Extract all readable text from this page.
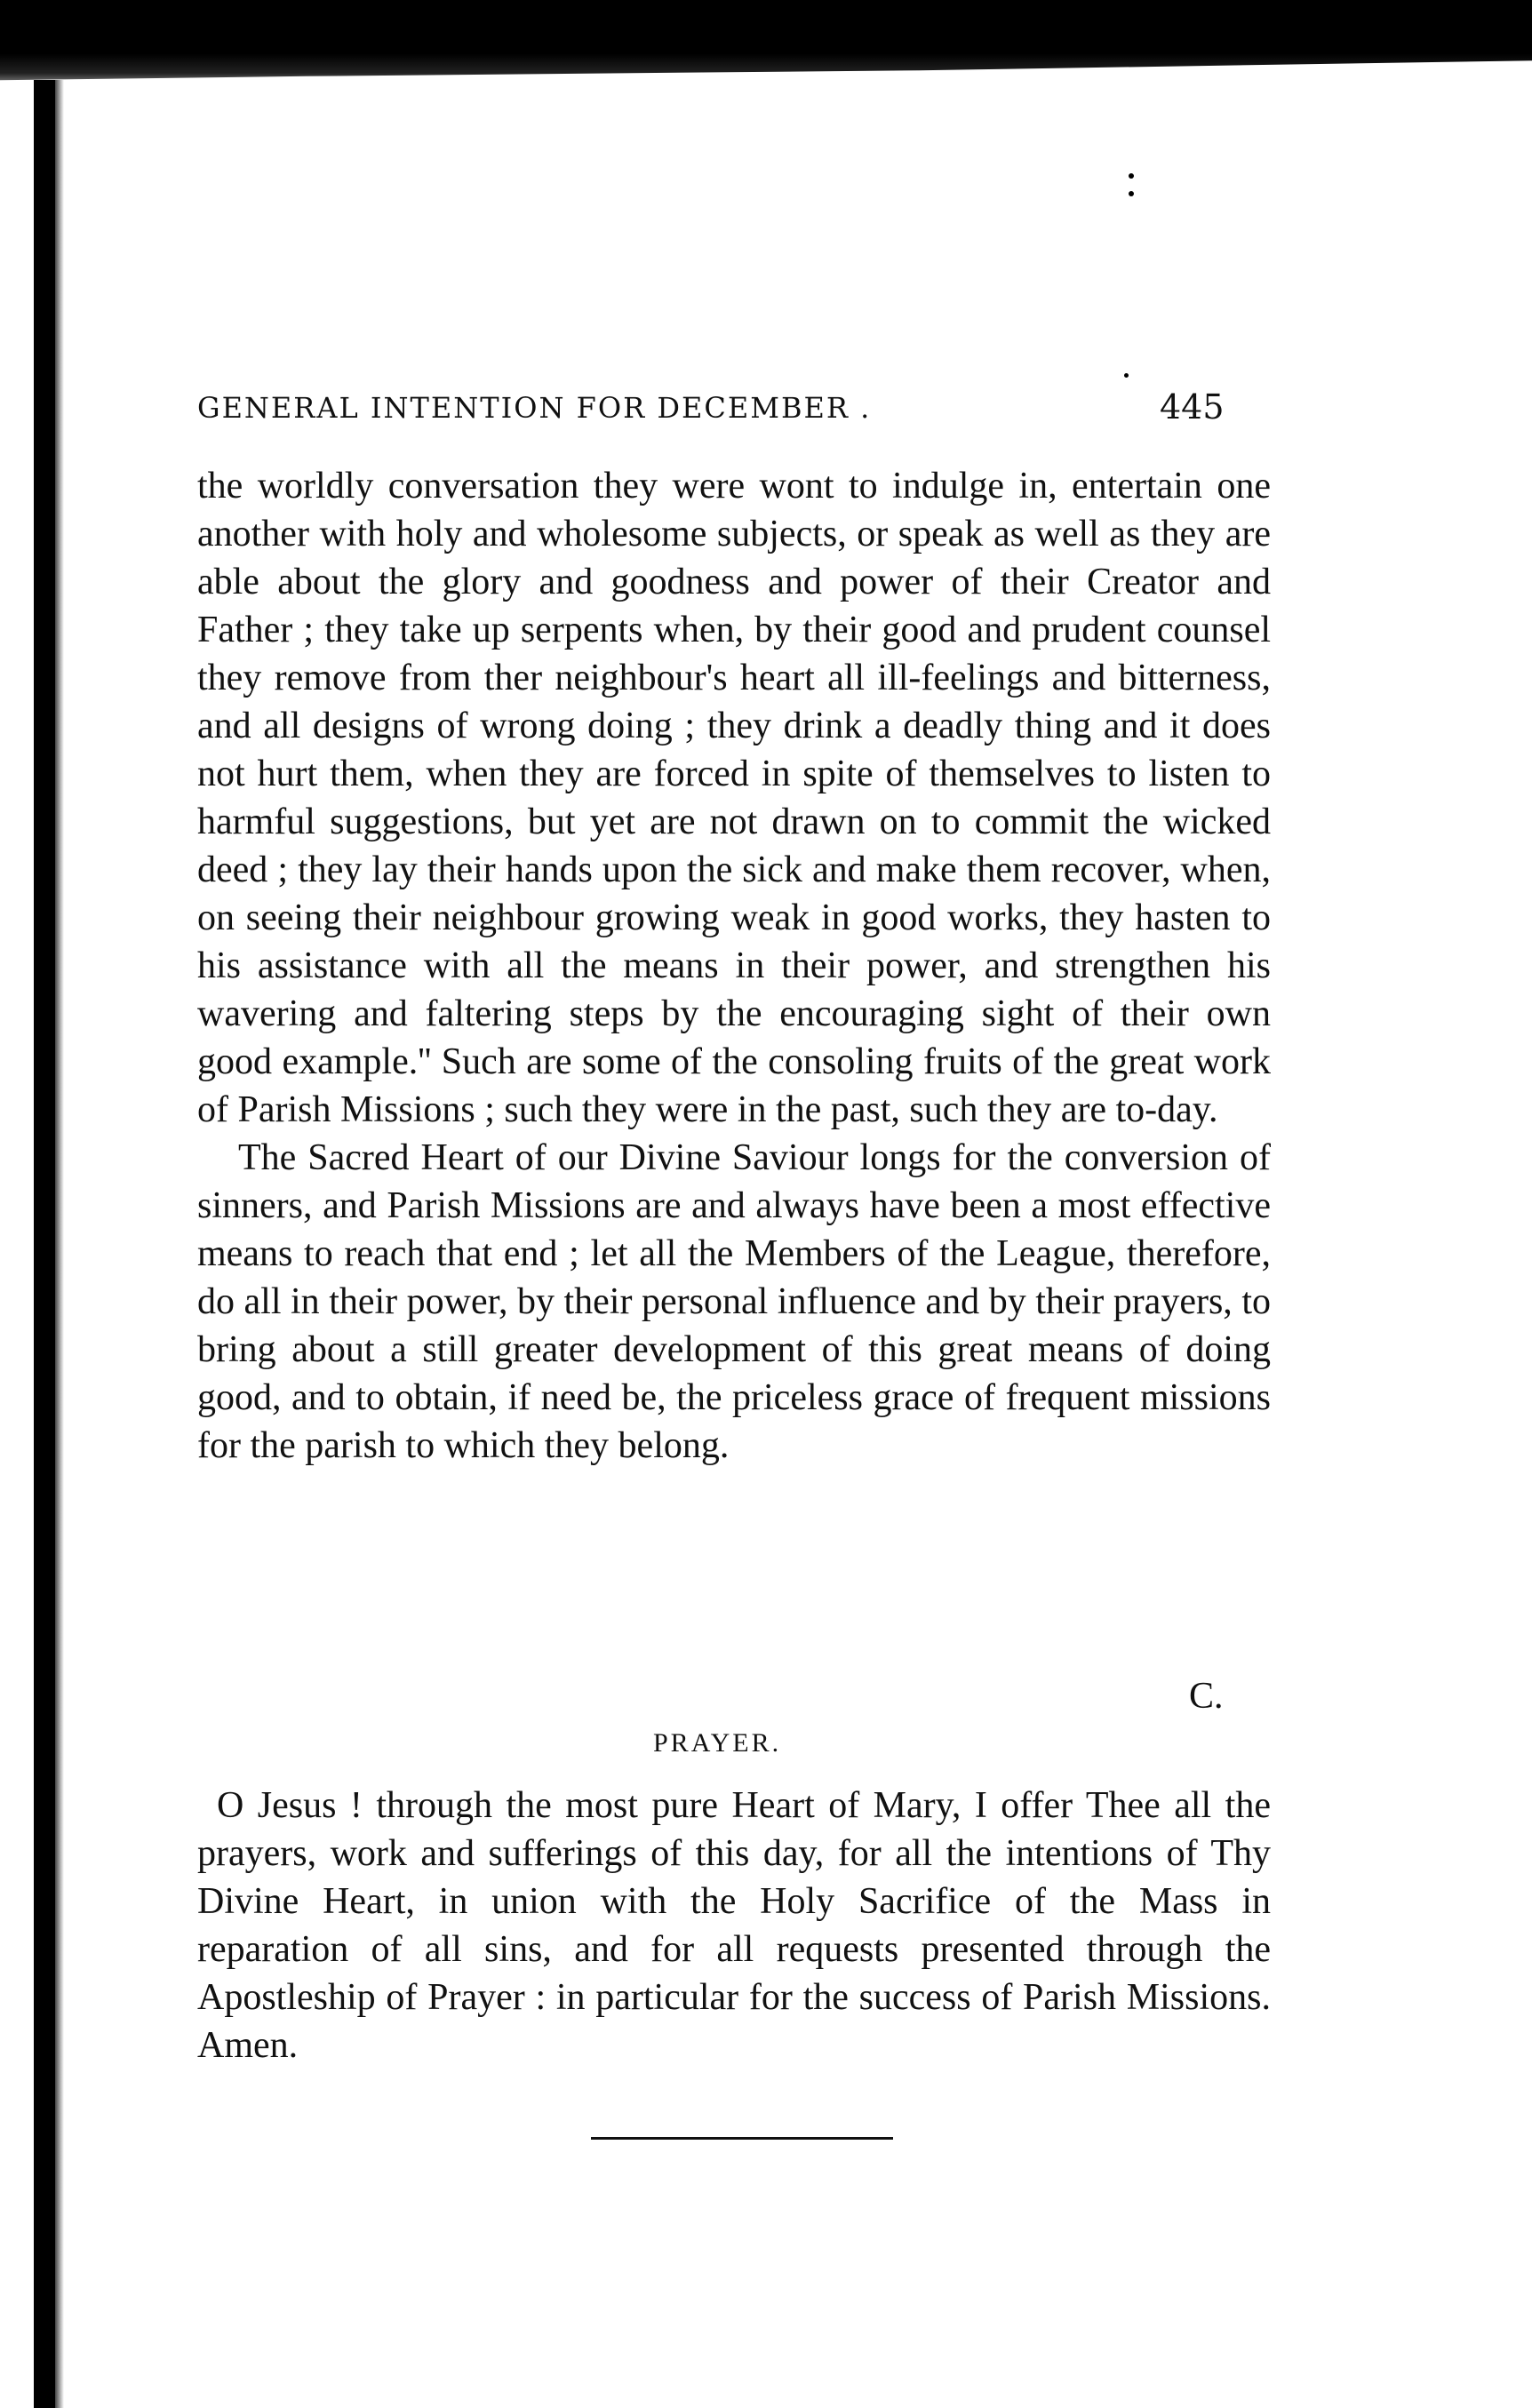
GENERAL INTENTION FOR DECEMBER .	445

the worldly conversation they were wont to indulge in, entertain one another with holy and wholesome subjects, or speak as well as they are able about the glory and goodness and power of their Creator and Father ; they take up serpents when, by their good and prudent counsel they remove from ther neighbour's heart all ill-feelings and bitterness, and all designs of wrong doing ; they drink a deadly thing and it does not hurt them, when they are forced in spite of themselves to listen to harmful suggestions, but yet are not drawn on to commit the wicked deed ; they lay their hands upon the sick and make them recover, when, on seeing their neighbour growing weak in good works, they hasten to his assistance with all the means in their power, and strengthen his wavering and faltering steps by the encouraging sight of their own good example.'' Such are some of the consoling fruits of the great work of Parish Missions ; such they were in the past, such they are to-day.

The Sacred Heart of our Divine Saviour longs for the conversion of sinners, and Parish Missions are and always have been a most effective means to reach that end ; let all the Members of the League, therefore, do all in their power, by their personal influence and by their prayers, to bring about a still greater development of this great means of doing good, and to obtain, if need be, the priceless grace of frequent missions for the parish to which they belong.

C.
PRAYER.
O Jesus ! through the most pure Heart of Mary, I offer Thee all the prayers, work and sufferings of this day, for all the intentions of Thy Divine Heart, in union with the Holy Sacrifice of the Mass in reparation of all sins, and for all requests presented through the Apostleship of Prayer : in particular for the success of Parish Missions. Amen.
